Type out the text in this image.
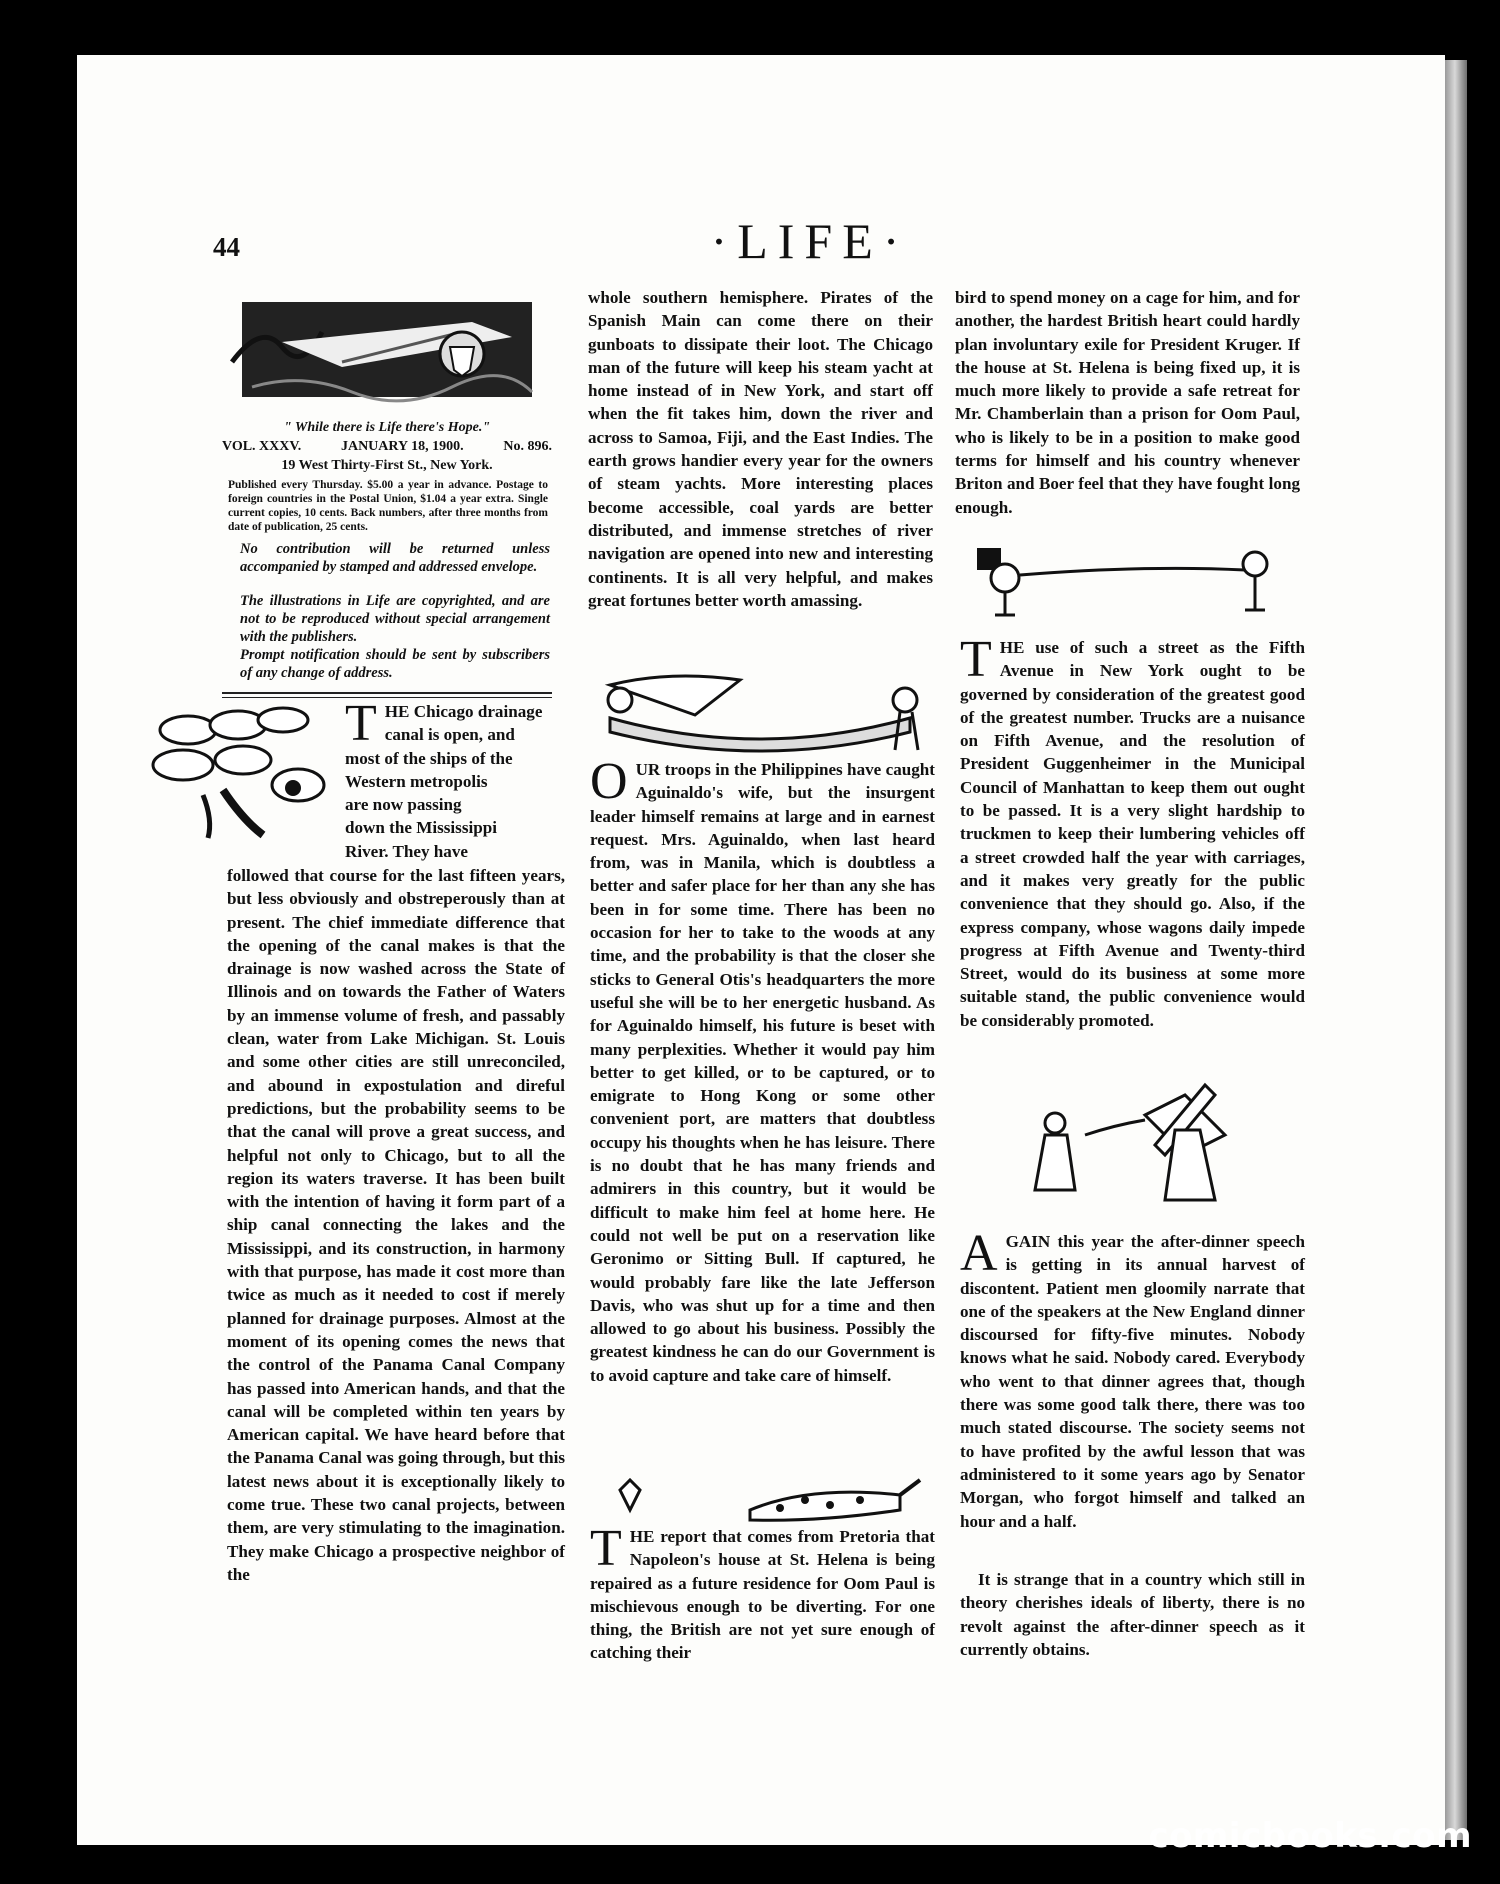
44	·LIFE·
" While there is Life there's Hope."
VOL. XXXV.	JANUARY 18, 1900.	No. 896.
19 West Thirty-First St., New York.
Published every Thursday. $5.00 a year in advance. Postage to foreign countries in the Postal Union, $1.04 a year extra. Single current copies, 10 cents. Back numbers, after three months from date of publication, 25 cents.
No contribution will be returned unless accompanied by stamped and addressed envelope.
The illustrations in Life are copyrighted, and are not to be reproduced without special arrangement with the publishers.
Prompt notification should be sent by subscribers of any change of address.
THE Chicago drainage
canal is open, and
most of the ships of the
Western metropolis
are now passing
down the Mississippi
River. They have
followed that course for the last fifteen years, but less obviously and obstreperously than at present. The chief immediate difference that the opening of the canal makes is that the drainage is now washed across the State of Illinois and on towards the Father of Waters by an immense volume of fresh, and passably clean, water from Lake Michigan. St. Louis and some other cities are still unreconciled, and abound in expostulation and direful predictions, but the probability seems to be that the canal will prove a great success, and helpful not only to Chicago, but to all the region its waters traverse. It has been built with the intention of having it form part of a ship canal connecting the lakes and the Mississippi, and its construction, in harmony with that purpose, has made it cost more than twice as much as it needed to cost if merely planned for drainage purposes. Almost at the moment of its opening comes the news that the control of the Panama Canal Company has passed into American hands, and that the canal will be completed within ten years by American capital. We have heard before that the Panama Canal was going through, but this latest news about it is exceptionally likely to come true. These two canal projects, between them, are very stimulating to the imagination. They make Chicago a prospective neighbor of the
whole southern hemisphere. Pirates of the Spanish Main can come there on their gunboats to dissipate their loot. The Chicago man of the future will keep his steam yacht at home instead of in New York, and start off when the fit takes him, down the river and across to Samoa, Fiji, and the East Indies. The earth grows handier every year for the owners of steam yachts. More interesting places become accessible, coal yards are better distributed, and immense stretches of river navigation are opened into new and interesting continents. It is all very helpful, and makes great fortunes better worth amassing.
OUR troops in the Philippines have caught Aguinaldo's wife, but the insurgent leader himself remains at large and in earnest request. Mrs. Aguinaldo, when last heard from, was in Manila, which is doubtless a better and safer place for her than any she has been in for some time. There has been no occasion for her to take to the woods at any time, and the probability is that the closer she sticks to General Otis's headquarters the more useful she will be to her energetic husband. As for Aguinaldo himself, his future is beset with many perplexities. Whether it would pay him better to get killed, or to be captured, or to emigrate to Hong Kong or some other convenient port, are matters that doubtless occupy his thoughts when he has leisure. There is no doubt that he has many friends and admirers in this country, but it would be difficult to make him feel at home here. He could not well be put on a reservation like Geronimo or Sitting Bull. If captured, he would probably fare like the late Jefferson Davis, who was shut up for a time and then allowed to go about his business. Possibly the greatest kindness he can do our Government is to avoid capture and take care of himself.
THE report that comes from Pretoria that Napoleon's house at St. Helena is being repaired as a future residence for Oom Paul is mischievous enough to be diverting. For one thing, the British are not yet sure enough of catching their
bird to spend money on a cage for him, and for another, the hardest British heart could hardly plan involuntary exile for President Kruger. If the house at St. Helena is being fixed up, it is much more likely to provide a safe retreat for Mr. Chamberlain than a prison for Oom Paul, who is likely to be in a position to make good terms for himself and his country whenever Briton and Boer feel that they have fought long enough.
THE use of such a street as the Fifth Avenue in New York ought to be governed by consideration of the greatest good of the greatest number. Trucks are a nuisance on Fifth Avenue, and the resolution of President Guggenheimer in the Municipal Council of Manhattan to keep them out ought to be passed. It is a very slight hardship to truckmen to keep their lumbering vehicles off a street crowded half the year with carriages, and it makes very greatly for the public convenience that they should go. Also, if the express company, whose wagons daily impede progress at Fifth Avenue and Twenty-third Street, would do its business at some more suitable stand, the public convenience would be considerably promoted.
AGAIN this year the after-dinner speech is getting in its annual harvest of discontent. Patient men gloomily narrate that one of the speakers at the New England dinner discoursed for fifty-five minutes. Nobody knows what he said. Nobody cared. Everybody who went to that dinner agrees that, though there was some good talk there, there was too much stated discourse. The society seems not to have profited by the awful lesson that was administered to it some years ago by Senator Morgan, who forgot himself and talked an hour and a half.
It is strange that in a country which still in theory cherishes ideals of liberty, there is no revolt against the after-dinner speech as it currently obtains.
comicbooks.com
